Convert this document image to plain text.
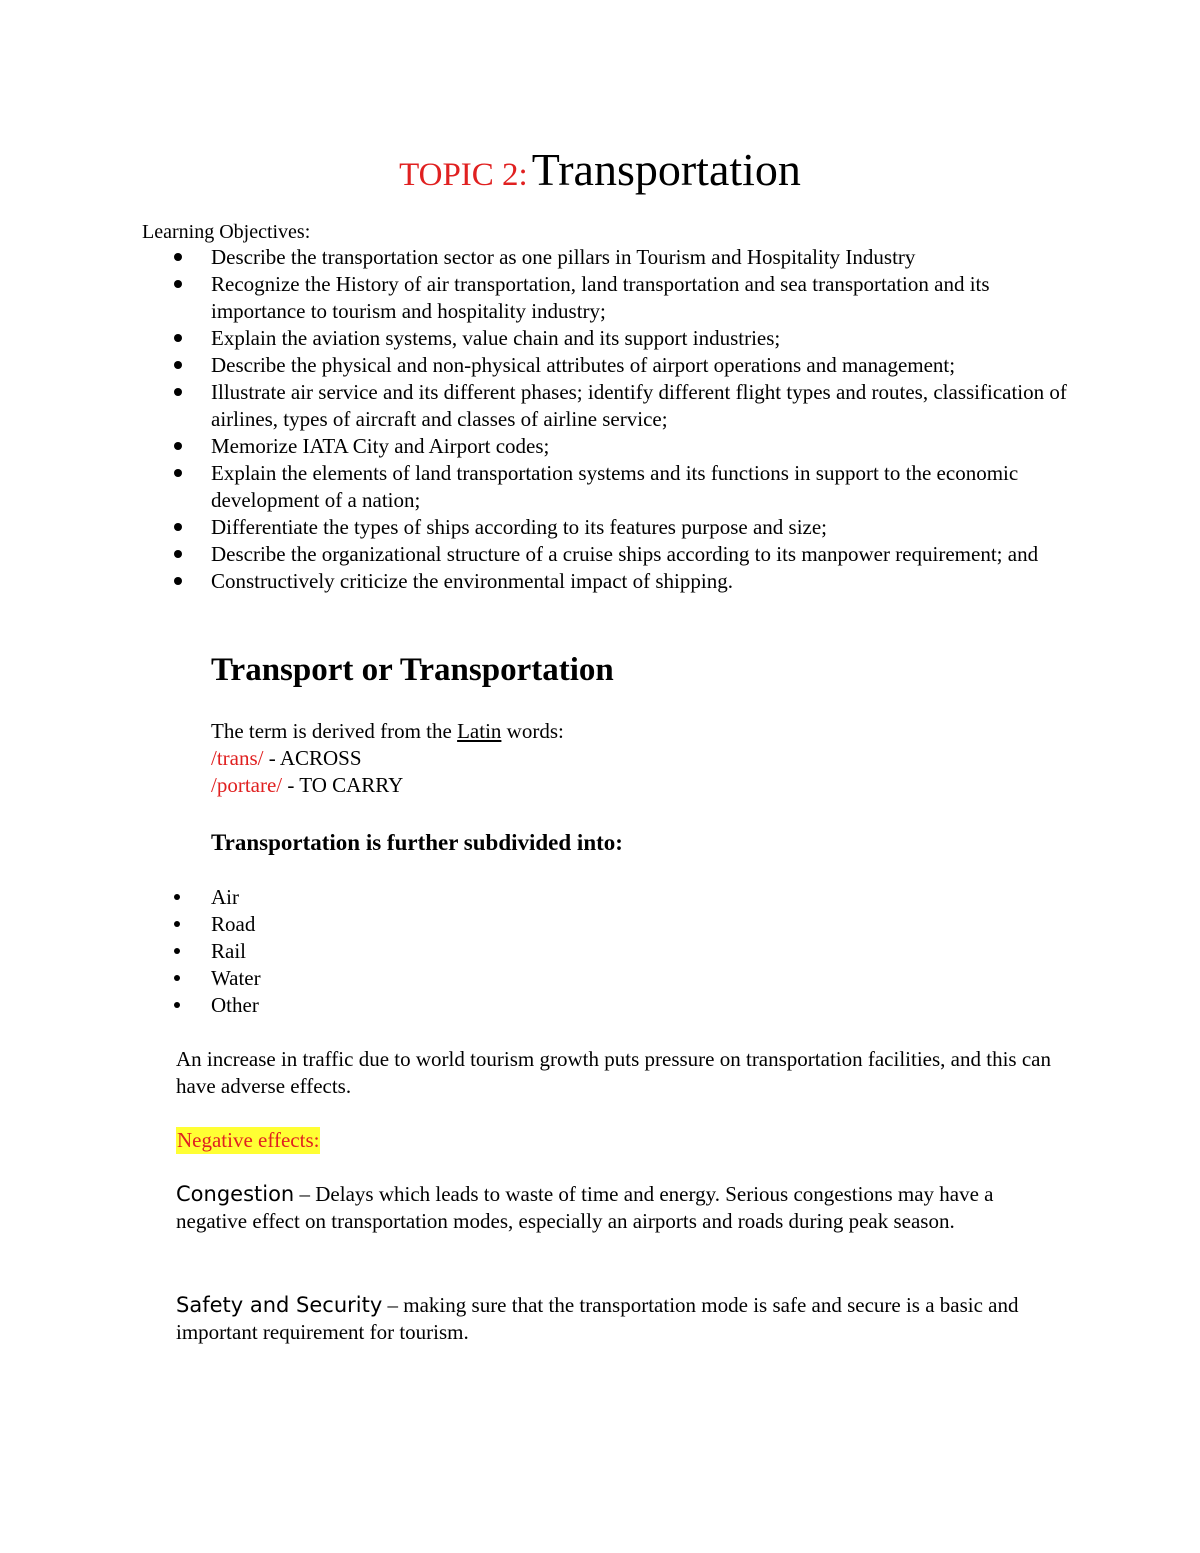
TOPIC 2: Transportation
Learning Objectives:
Describe the transportation sector as one pillars in Tourism and Hospitality Industry
Recognize the History of air transportation, land transportation and sea transportation and its importance to tourism and hospitality industry;
Explain the aviation systems, value chain and its support industries;
Describe the physical and non-physical attributes of airport operations and management;
Illustrate air service and its different phases; identify different flight types and routes, classification of airlines, types of aircraft and classes of airline service;
Memorize IATA City and Airport codes;
Explain the elements of land transportation systems and its functions in support to the economic development of a nation;
Differentiate the types of ships according to its features purpose and size;
Describe the organizational structure of a cruise ships according to its manpower requirement; and
Constructively criticize the environmental impact of shipping.
Transport or Transportation
The term is derived from the Latin words:
/trans/ - ACROSS
/portare/ - TO CARRY
Transportation is further subdivided into:
Air
Road
Rail
Water
Other
An increase in traffic due to world tourism growth puts pressure on transportation facilities, and this can have adverse effects.
Negative effects:
Congestion – Delays which leads to waste of time and energy. Serious congestions may have a negative effect on transportation modes, especially an airports and roads during peak season.
Safety and Security – making sure that the transportation mode is safe and secure is a basic and important requirement for tourism.
